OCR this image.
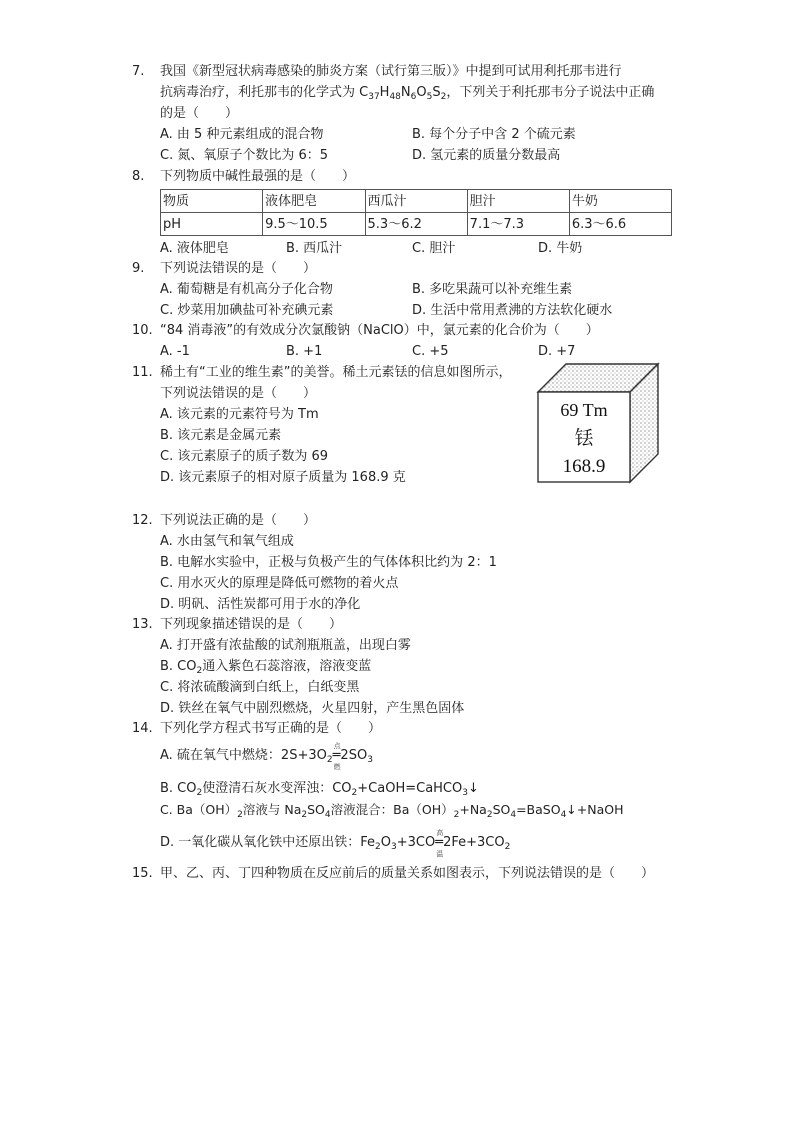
7. 我国《新型冠状病毒感染的肺炎方案（试行第三版）》中提到可试用利托那韦进行
抗病毒治疗，利托那韦的化学式为 $C_{37}H_{48}N_6O_5S_2$，下列关于利托那韦分子说法中正确
的是（　　）
A. 由 5 种元素组成的混合物	B. 每个分子中含 2 个硫元素
C. 氮、氧原子个数比为 6：5	D. 氢元素的质量分数最高
8. 下列物质中碱性最强的是（　　）
物质	液体肥皂	西瓜汁	胆汁	牛奶
pH	9.5～10.5	5.3～6.2	7.1～7.3	6.3～6.6
A. 液体肥皂	B. 西瓜汁	C. 胆汁	D. 牛奶
9. 下列说法错误的是（　　）
A. 葡萄糖是有机高分子化合物	B. 多吃果蔬可以补充维生素
C. 炒菜用加碘盐可补充碘元素	D. 生活中常用煮沸的方法软化硬水
10. “84 消毒液”的有效成分次氯酸钠（NaClO）中，氯元素的化合价为（　　）
A. -1	B. +1	C. +5	D. +7
11. 稀土有“工业的维生素”的美誉。稀土元素铥的信息如图所示，
下列说法错误的是（　　）
A. 该元素的元素符号为 Tm
B. 该元素是金属元素
C. 该元素原子的质子数为 69
D. 该元素原子的相对原子质量为 168.9 克
69 Tm
铥
168.9
12. 下列说法正确的是（　　）
A. 水由氢气和氧气组成
B. 电解水实验中，正极与负极产生的气体体积比约为 2：1
C. 用水灭火的原理是降低可燃物的着火点
D. 明矾、活性炭都可用于水的净化
13. 下列现象描述错误的是（　　）
A. 打开盛有浓盐酸的试剂瓶瓶盖，出现白雾
B. $CO_2$通入紫色石蕊溶液，溶液变蓝
C. 将浓硫酸滴到白纸上，白纸变黑
D. 铁丝在氧气中剧烈燃烧，火星四射，产生黑色固体
14. 下列化学方程式书写正确的是（　　）
A. 硫在氧气中燃烧：$2S+3O_2$
点燃
$═2SO_3$
B. $CO_2$使澄清石灰水变浑浊：$CO_2+CaOH=CaHCO_3↓$
C. $Ba(OH)_2$溶液与 $Na_2SO_4$溶液混合：$Ba(OH)_2+Na_2SO_4=BaSO_4↓+NaOH$
D. 一氧化碳从氧化铁中还原出铁：$Fe_2O_3+3CO$
高温
$═2Fe+3CO_2$
15. 甲、乙、丙、丁四种物质在反应前后的质量关系如图表示，下列说法错误的是（　　）
